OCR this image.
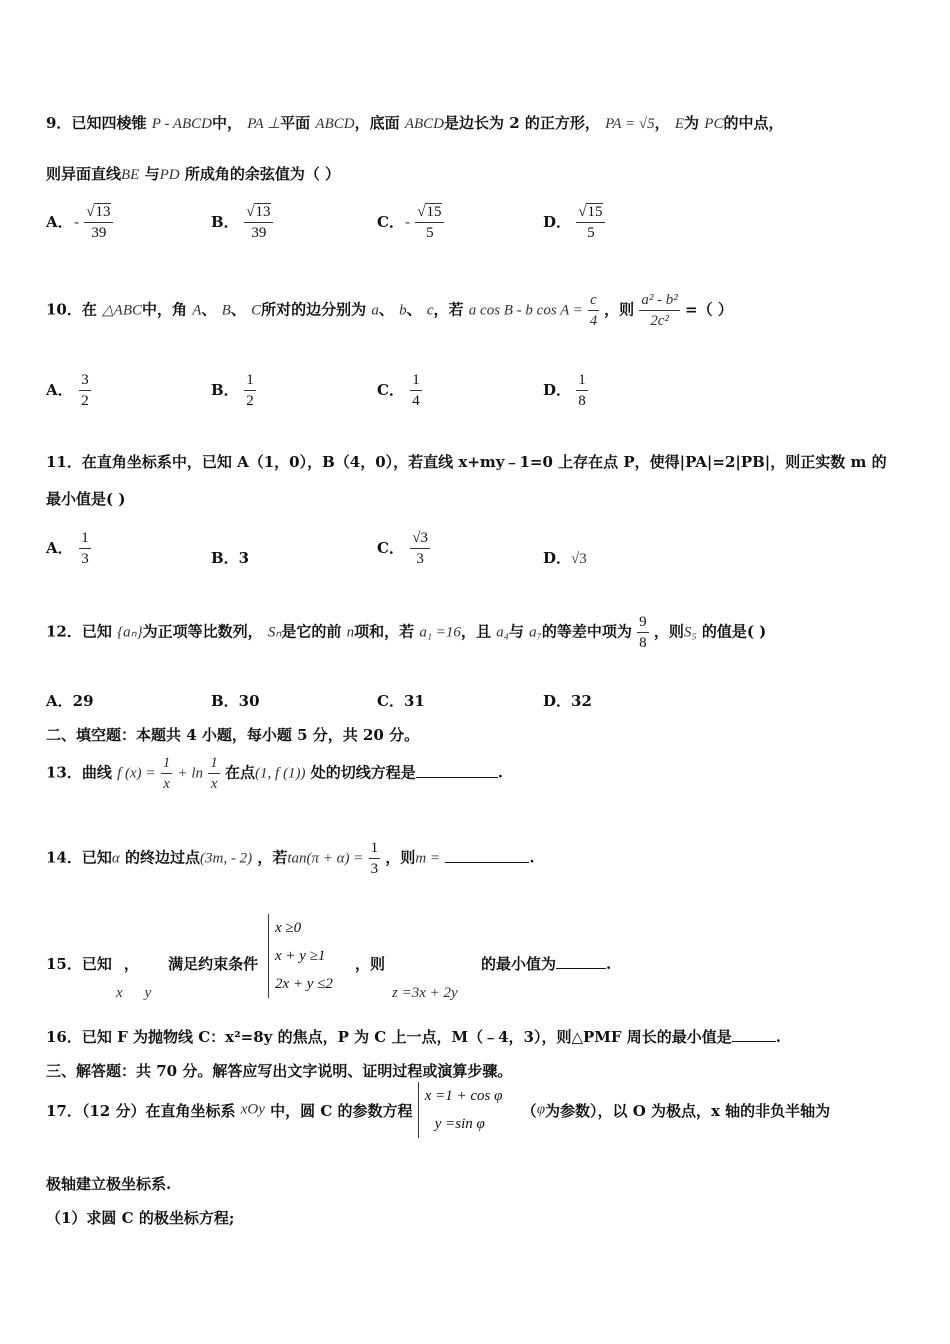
9．已知四棱锥 P - ABCD中， PA ⊥平面 ABCD，底面 ABCD是边长为 2 的正方形， PA = √5， E为 PC的中点，
则异面直线BE 与PD 所成角的余弦值为（ ）
A．- $\frac{√13}{39}$	B． $\frac{√13}{39}$	C．- $\frac{√15}{5}$	D． $\frac{√15}{5}$
10．在 △ABC中，角 A、 B、 C所对的边分别为 a、 b、 c，若 a cos B - b $\cos A = \frac{c}{4}$ ，则 $\frac{\text{a² - b²}}{\text{2c²}}$ =（ ）
A． $\frac{3}{2}$	B． $\frac{1}{2}$	C． $\frac{1}{4}$	D． $\frac{1}{8}$
11．在直角坐标系中，已知 A（1，0），B（4，0），若直线 x+my﹣1=0 上存在点 P，使得|PA|=2|PB|，则正实数 m 的
最小值是( )
A． $\frac{1}{3}$	B．3
C． $\frac{√3}{3}$	D．√3
12．已知 {aₙ}为正项等比数列， Sₙ是它的前 n项和，若 a₁ =16，且 a₄与 a₇的等差中项为 $\frac{9}{8}$ ，则S₅ 的值是( )
A．29	B．30	C．31	D．32
二、填空题：本题共 4 小题，每小题 5 分，共 20 分。
13．曲线 f $(x) = \frac{1}{x} + \ln \frac{1}{x}$ 在点(1, f (1)) 处的切线方程是	.
14．已知α 的终边过点(3m, - 2) ，若$\tan(\pi + \alpha) = \frac{1}{3}$ ，则m =	.
15．已知 ， 满足约束条件
x y
x ≥0
x + y ≥1
2x + y ≤2
，则
z =3x + 2y
的最小值为	.
16．已知 F 为抛物线 C：x²=8y 的焦点，P 为 C 上一点，M（﹣4，3），则△PMF 周长的最小值是	.
三、解答题：共 70 分。解答应写出文字说明、证明过程或演算步骤。
17．（12 分）在直角坐标系 xOy 中，圆 C 的参数方程
x =1 + cos φ
y =sin φ
（φ为参数），以 O 为极点，x 轴的非负半轴为
极轴建立极坐标系.
（1）求圆 C 的极坐标方程;
